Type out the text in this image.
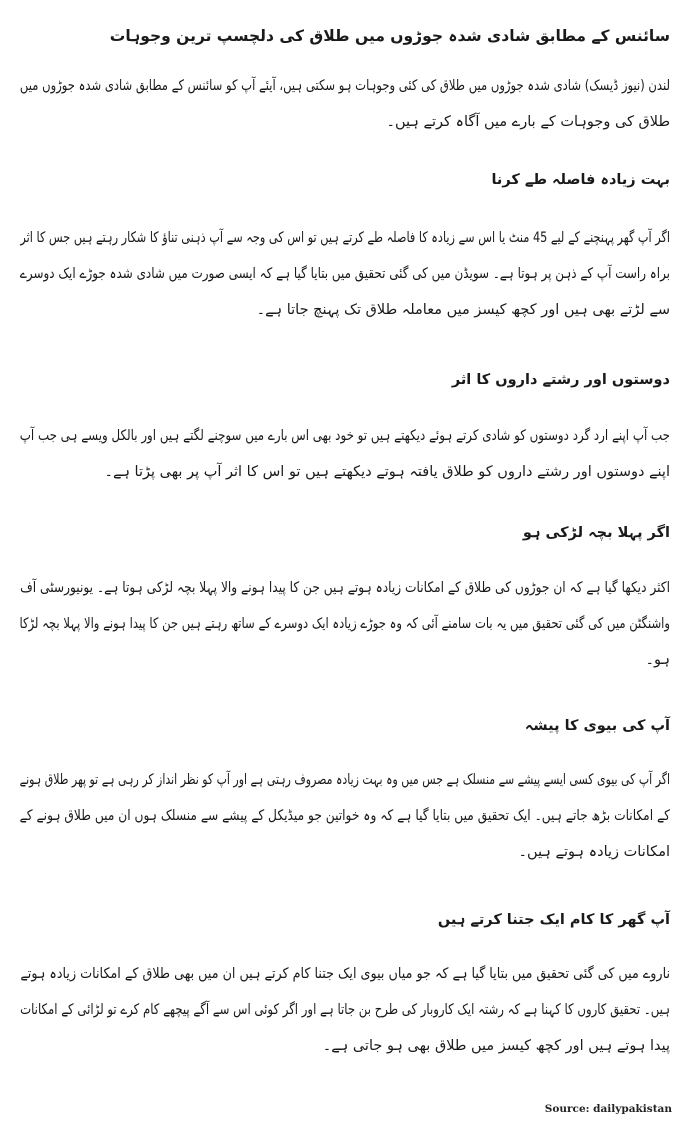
سائنس کے مطابق شادی شدہ جوڑوں میں طلاق کی دلچسپ ترین وجوہات
لندن (نیوز ڈیسک) شادی شدہ جوڑوں میں طلاق کی کئی وجوہات ہو سکتی ہیں، آیئے آپ کو سائنس کے مطابق شادی شدہ جوڑوں میں
طلاق کی وجوہات کے بارے میں آگاہ کرتے ہیں۔
بہت زیادہ فاصلہ طے کرنا
اگر آپ گھر پہنچنے کے لیے 45 منٹ یا اس سے زیادہ کا فاصلہ طے کرتے ہیں تو اس کی وجہ سے آپ ذہنی تناؤ کا شکار رہتے ہیں جس کا اثر
براہ راست آپ کے ذہن پر ہوتا ہے۔ سویڈن میں کی گئی تحقیق میں بتایا گیا ہے کہ ایسی صورت میں شادی شدہ جوڑے ایک دوسرے
سے لڑتے بھی ہیں اور کچھ کیسز میں معاملہ طلاق تک پہنچ جاتا ہے۔
دوستوں اور رشتے داروں کا اثر
جب آپ اپنے ارد گرد دوستوں کو شادی کرتے ہوئے دیکھتے ہیں تو خود بھی اس بارے میں سوچنے لگتے ہیں اور بالکل ویسے ہی جب آپ
اپنے دوستوں اور رشتے داروں کو طلاق یافتہ ہوتے دیکھتے ہیں تو اس کا اثر آپ پر بھی پڑتا ہے۔
اگر پہلا بچہ لڑکی ہو
اکثر دیکھا گیا ہے کہ ان جوڑوں کی طلاق کے امکانات زیادہ ہوتے ہیں جن کا پیدا ہونے والا پہلا بچہ لڑکی ہوتا ہے۔ یونیورسٹی آف
واشنگٹن میں کی گئی تحقیق میں یہ بات سامنے آئی کہ وہ جوڑے زیادہ ایک دوسرے کے ساتھ رہتے ہیں جن کا پیدا ہونے والا پہلا بچہ لڑکا
ہو۔
آپ کی بیوی کا پیشہ
اگر آپ کی بیوی کسی ایسے پیشے سے منسلک ہے جس میں وہ بہت زیادہ مصروف رہتی ہے اور آپ کو نظر انداز کر رہی ہے تو پھر طلاق ہونے
کے امکانات بڑھ جاتے ہیں۔ ایک تحقیق میں بتایا گیا ہے کہ وہ خواتین جو میڈیکل کے پیشے سے منسلک ہوں ان میں طلاق ہونے کے
امکانات زیادہ ہوتے ہیں۔
آپ گھر کا کام ایک جتنا کرتے ہیں
ناروے میں کی گئی تحقیق میں بتایا گیا ہے کہ جو میاں بیوی ایک جتنا کام کرتے ہیں ان میں بھی طلاق کے امکانات زیادہ ہوتے
ہیں۔ تحقیق کاروں کا کہنا ہے کہ رشتہ ایک کاروبار کی طرح بن جاتا ہے اور اگر کوئی اس سے آگے پیچھے کام کرے تو لڑائی کے امکانات
پیدا ہوتے ہیں اور کچھ کیسز میں طلاق بھی ہو جاتی ہے۔
Source: dailypakistan
